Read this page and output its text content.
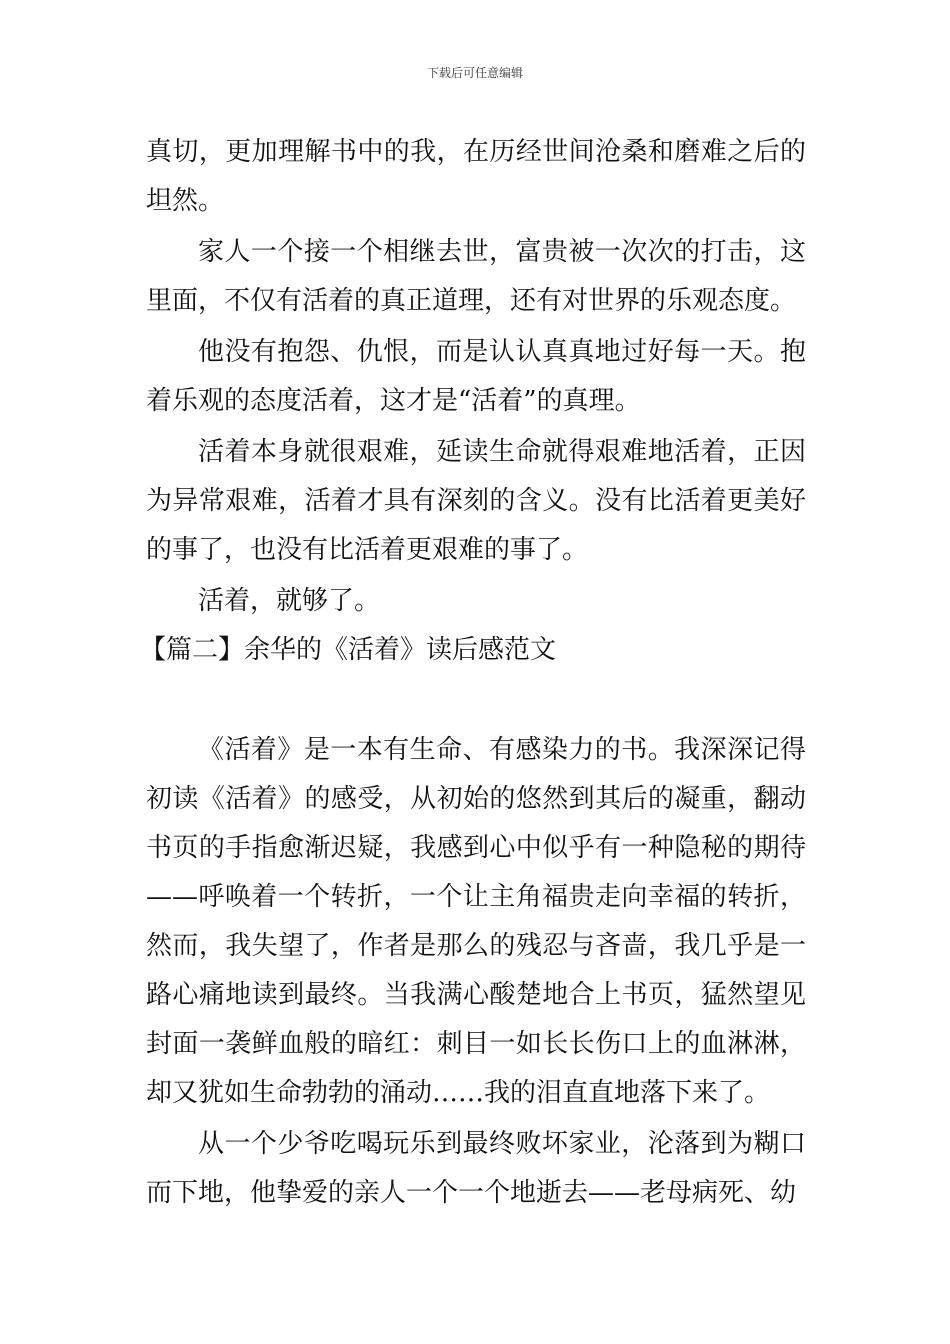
下载后可任意编辑

真切，更加理解书中的我，在历经世间沧桑和磨难之后的坦然。

家人一个接一个相继去世，富贵被一次次的打击，这里面，不仅有活着的真正道理，还有对世界的乐观态度。

他没有抱怨、仇恨，而是认认真真地过好每一天。抱着乐观的态度活着，这才是“活着”的真理。

活着本身就很艰难，延读生命就得艰难地活着，正因为异常艰难，活着才具有深刻的含义。没有比活着更美好的事了，也没有比活着更艰难的事了。

活着，就够了。

【篇二】余华的《活着》读后感范文

《活着》是一本有生命、有感染力的书。我深深记得初读《活着》的感受，从初始的悠然到其后的凝重，翻动书页的手指愈渐迟疑，我感到心中似乎有一种隐秘的期待——呼唤着一个转折，一个让主角福贵走向幸福的转折，然而，我失望了，作者是那么的残忍与吝啬，我几乎是一路心痛地读到最终。当我满心酸楚地合上书页，猛然望见封面一袭鲜血般的暗红：刺目一如长长伤口上的血淋淋，却又犹如生命勃勃的涌动……我的泪直直地落下来了。

从一个少爷吃喝玩乐到最终败坏家业，沦落到为糊口而下地，他挚爱的亲人一个一个地逝去——老母病死、幼
